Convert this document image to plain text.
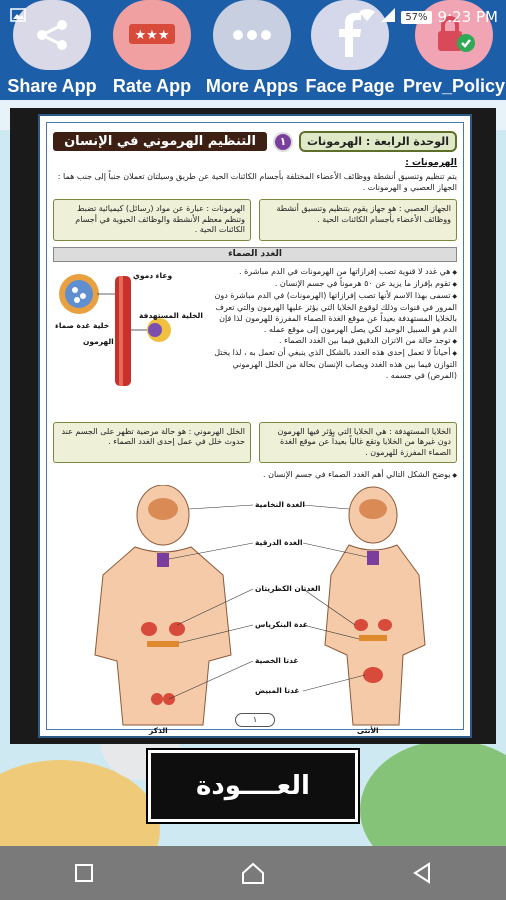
Share App
★★★
Rate App More Apps Face Page Prev_Policy
57% 9:23 PM
الوحدة الرابعة : الهرمونات
١
التنظيم الهرموني في الإنسان
الهرمونات :

يتم تنظيم وتنسيق أنشطة ووظائف الأعضاء المختلفة بأجسام الكائنات الحية عن طريق وسيلتان تعملان جنباً إلى جنب هما : الجهاز العصبي و الهرمونات .

الجهاز العصبي : هو جهاز يقوم بتنظيم وتنسيق أنشطة ووظائف الأعضاء بأجسام الكائنات الحية .
الهرمونات : عبارة عن مواد (رسائل) كيميائية تضبط وتنظم معظم الأنشطة والوظائف الحيوية في أجسام الكائنات الحية .
الغدد الصماء
◆ هي غدد لا قنوية تصب إفرازاتها من الهرمونات في الدم مباشرة .
◆ تقوم بإفراز ما يزيد عن ٥٠ هرموناً في جسم الإنسان .
◆ تسمى بهذا الاسم لأنها تصب إفرازاتها (الهرمونات) في الدم مباشرة دون المرور في قنوات وذلك لوقوع الخلايا التي يؤثر عليها الهرمون والتي تعرف بالخلايا المستهدفة بعيداً عن موقع الغدة الصماء المفرزة للهرمون لذا فإن الدم هو السبيل الوحيد لكي يصل الهرمون إلى موقع عمله .
◆ توجد حالة من الاتزان الدقيق فيما بين الغدد الصماء .
◆ أحياناً لا تعمل إحدى هذه الغدد بالشكل الذي ينبغي أن تعمل به ، لذا يختل التوازن فيما بين هذه الغدد ويصاب الإنسان بحالة من الخلل الهرموني (المرض) في جسمه .
وعاء دموي
خلية غدة صماء
الهرمون
الخلية المستهدفة
الخلايا المستهدفة : هي الخلايا التي يؤثر فيها الهرمون دون غيرها من الخلايا وتقع غالباً بعيداً عن موقع الغدة الصماء المفرزة للهرمون .
الخلل الهرموني : هو حالة مرضية تظهر على الجسم عند حدوث خلل في عمل إحدى الغدد الصماء .
◆ يوضح الشكل التالي أهم الغدد الصماء في جسم الإنسان .
الغدة النخامية
الغدة الدرقية
الغدتان الكظريتان
غدة البنكرياس
غدتا الخصية
غدتا المبيض
الذكر	الأنثى
١
العــــودة
